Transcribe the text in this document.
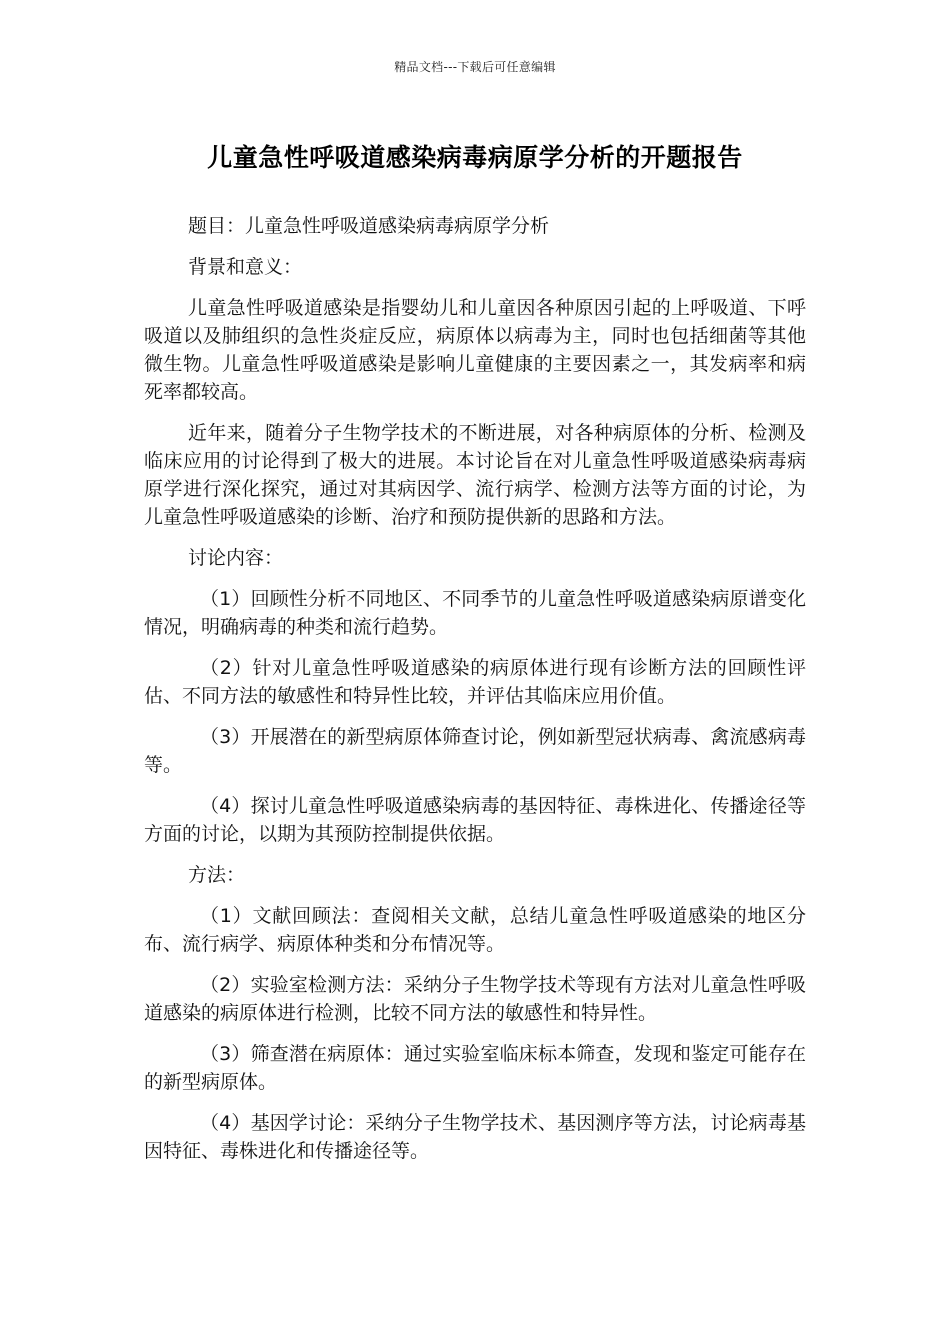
精品文档---下载后可任意编辑
儿童急性呼吸道感染病毒病原学分析的开题报告

题目：儿童急性呼吸道感染病毒病原学分析

背景和意义：

儿童急性呼吸道感染是指婴幼儿和儿童因各种原因引起的上呼吸道、下呼吸道以及肺组织的急性炎症反应，病原体以病毒为主，同时也包括细菌等其他微生物。儿童急性呼吸道感染是影响儿童健康的主要因素之一，其发病率和病死率都较高。

近年来，随着分子生物学技术的不断进展，对各种病原体的分析、检测及临床应用的讨论得到了极大的进展。本讨论旨在对儿童急性呼吸道感染病毒病原学进行深化探究，通过对其病因学、流行病学、检测方法等方面的讨论，为儿童急性呼吸道感染的诊断、治疗和预防提供新的思路和方法。

讨论内容：

（1）回顾性分析不同地区、不同季节的儿童急性呼吸道感染病原谱变化情况，明确病毒的种类和流行趋势。

（2）针对儿童急性呼吸道感染的病原体进行现有诊断方法的回顾性评估、不同方法的敏感性和特异性比较，并评估其临床应用价值。

（3）开展潜在的新型病原体筛查讨论，例如新型冠状病毒、禽流感病毒等。

（4）探讨儿童急性呼吸道感染病毒的基因特征、毒株进化、传播途径等方面的讨论，以期为其预防控制提供依据。

方法：

（1）文献回顾法：查阅相关文献，总结儿童急性呼吸道感染的地区分布、流行病学、病原体种类和分布情况等。

（2）实验室检测方法：采纳分子生物学技术等现有方法对儿童急性呼吸道感染的病原体进行检测，比较不同方法的敏感性和特异性。

（3）筛查潜在病原体：通过实验室临床标本筛查，发现和鉴定可能存在的新型病原体。

（4）基因学讨论：采纳分子生物学技术、基因测序等方法，讨论病毒基因特征、毒株进化和传播途径等。
